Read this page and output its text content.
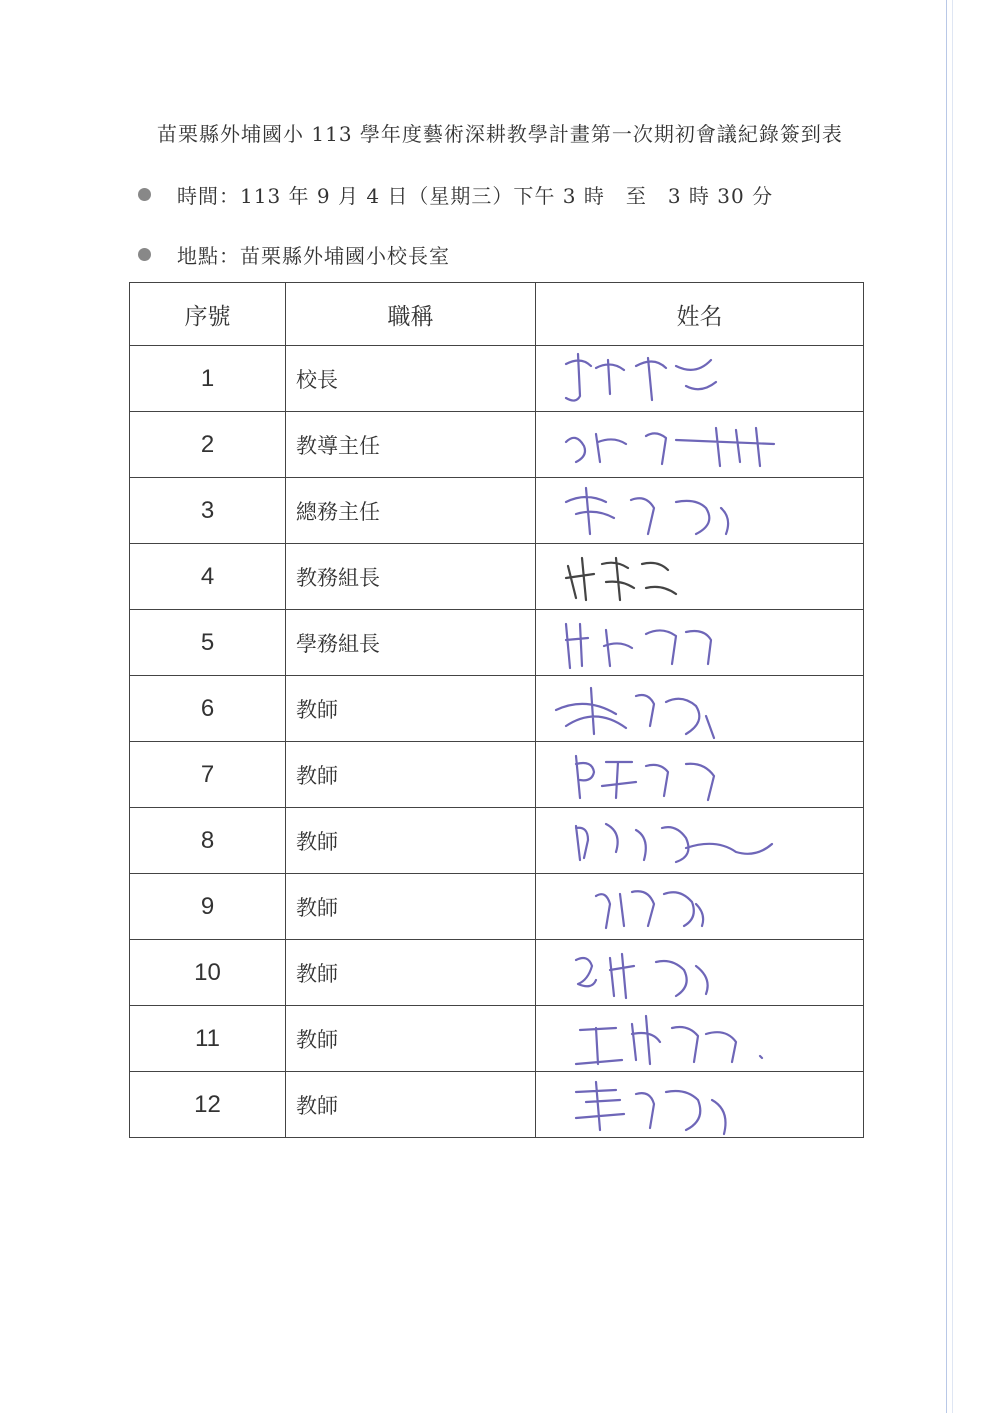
苗栗縣外埔國小 113 學年度藝術深耕教學計畫第一次期初會議紀錄簽到表
時間：113 年 9 月 4 日（星期三）下午 3 時　至　3 時 30 分
地點：苗栗縣外埔國小校長室
序號	職稱	姓名
1	校長	

2	教導主任	

3	總務主任	

4	教務組長	

5	學務組長	

6	教師	

7	教師	

8	教師	

9	教師	

10	教師	

11	教師	

12	教師	
